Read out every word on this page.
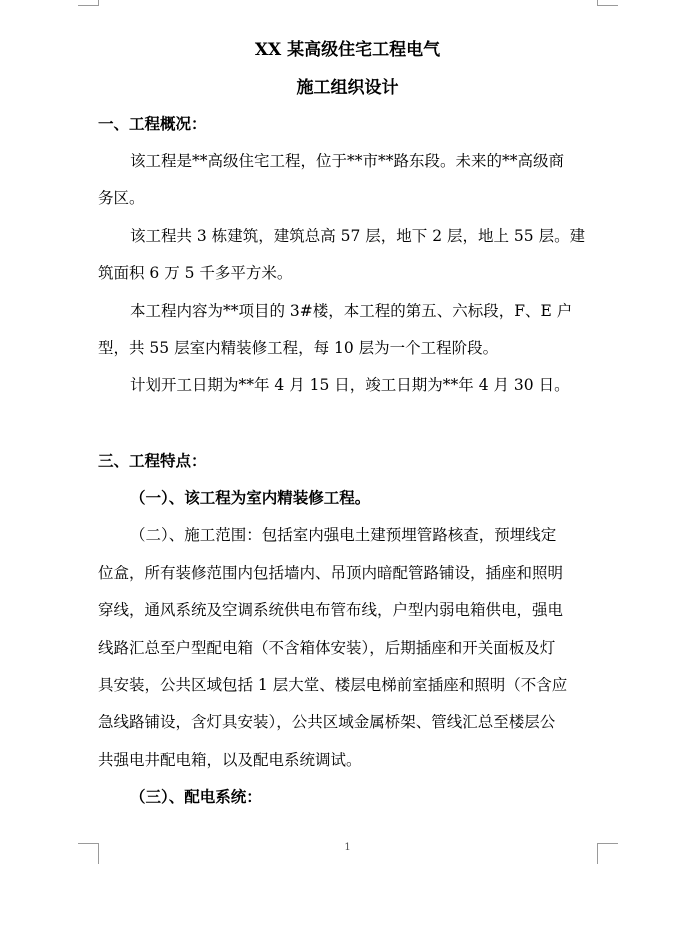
XX 某高级住宅工程电气
施工组织设计
一、工程概况：
该工程是**高级住宅工程，位于**市**路东段。未来的**高级商
务区。
该工程共 3 栋建筑，建筑总高 57 层，地下 2 层，地上 55 层。建
筑面积 6 万 5 千多平方米。
本工程内容为**项目的 3#楼，本工程的第五、六标段，F、E 户
型，共 55 层室内精装修工程，每 10 层为一个工程阶段。
计划开工日期为**年 4 月 15 日，竣工日期为**年 4 月 30 日。
三、工程特点：
（一）、该工程为室内精装修工程。
（二）、施工范围：包括室内强电土建预埋管路核查，预埋线定
位盒，所有装修范围内包括墙内、吊顶内暗配管路铺设，插座和照明
穿线，通风系统及空调系统供电布管布线，户型内弱电箱供电，强电
线路汇总至户型配电箱（不含箱体安装），后期插座和开关面板及灯
具安装，公共区域包括 1 层大堂、楼层电梯前室插座和照明（不含应
急线路铺设，含灯具安装），公共区域金属桥架、管线汇总至楼层公
共强电井配电箱，以及配电系统调试。
（三）、配电系统：
1
